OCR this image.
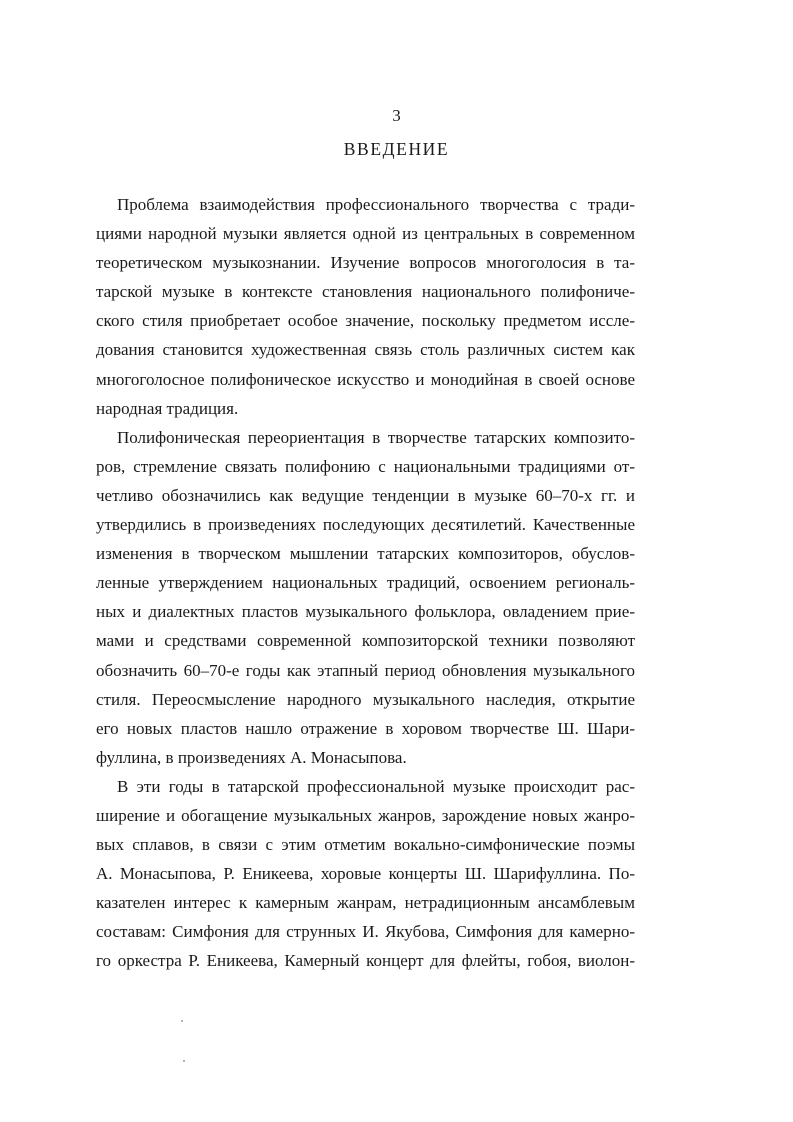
3
ВВЕДЕНИЕ

Проблема взаимодействия профессионального творчества с тради-
циями народной музыки является одной из центральных в современном
теоретическом музыкознании. Изучение вопросов многоголосия в та-
тарской музыке в контексте становления национального полифониче-
ского стиля приобретает особое значение, поскольку предметом иссле-
дования становится художественная связь столь различных систем как
многоголосное полифоническое искусство и монодийная в своей основе
народная традиция.

Полифоническая переориентация в творчестве татарских композито-
ров, стремление связать полифонию с национальными традициями от-
четливо обозначились как ведущие тенденции в музыке 60–70-х гг. и
утвердились в произведениях последующих десятилетий. Качественные
изменения в творческом мышлении татарских композиторов, обуслов-
ленные утверждением национальных традиций, освоением региональ-
ных и диалектных пластов музыкального фольклора, овладением прие-
мами и средствами современной композиторской техники позволяют
обозначить 60–70-е годы как этапный период обновления музыкального
стиля. Переосмысление народного музыкального наследия, открытие
его новых пластов нашло отражение в хоровом творчестве Ш. Шари-
фуллина, в произведениях А. Монасыпова.

В эти годы в татарской профессиональной музыке происходит рас-
ширение и обогащение музыкальных жанров, зарождение новых жанро-
вых сплавов, в связи с этим отметим вокально-симфонические поэмы
А. Монасыпова, Р. Еникеева, хоровые концерты Ш. Шарифуллина. По-
казателен интерес к камерным жанрам, нетрадиционным ансамблевым
составам: Симфония для струнных И. Якубова, Симфония для камерно-
го оркестра Р. Еникеева, Камерный концерт для флейты, гобоя, виолон-
